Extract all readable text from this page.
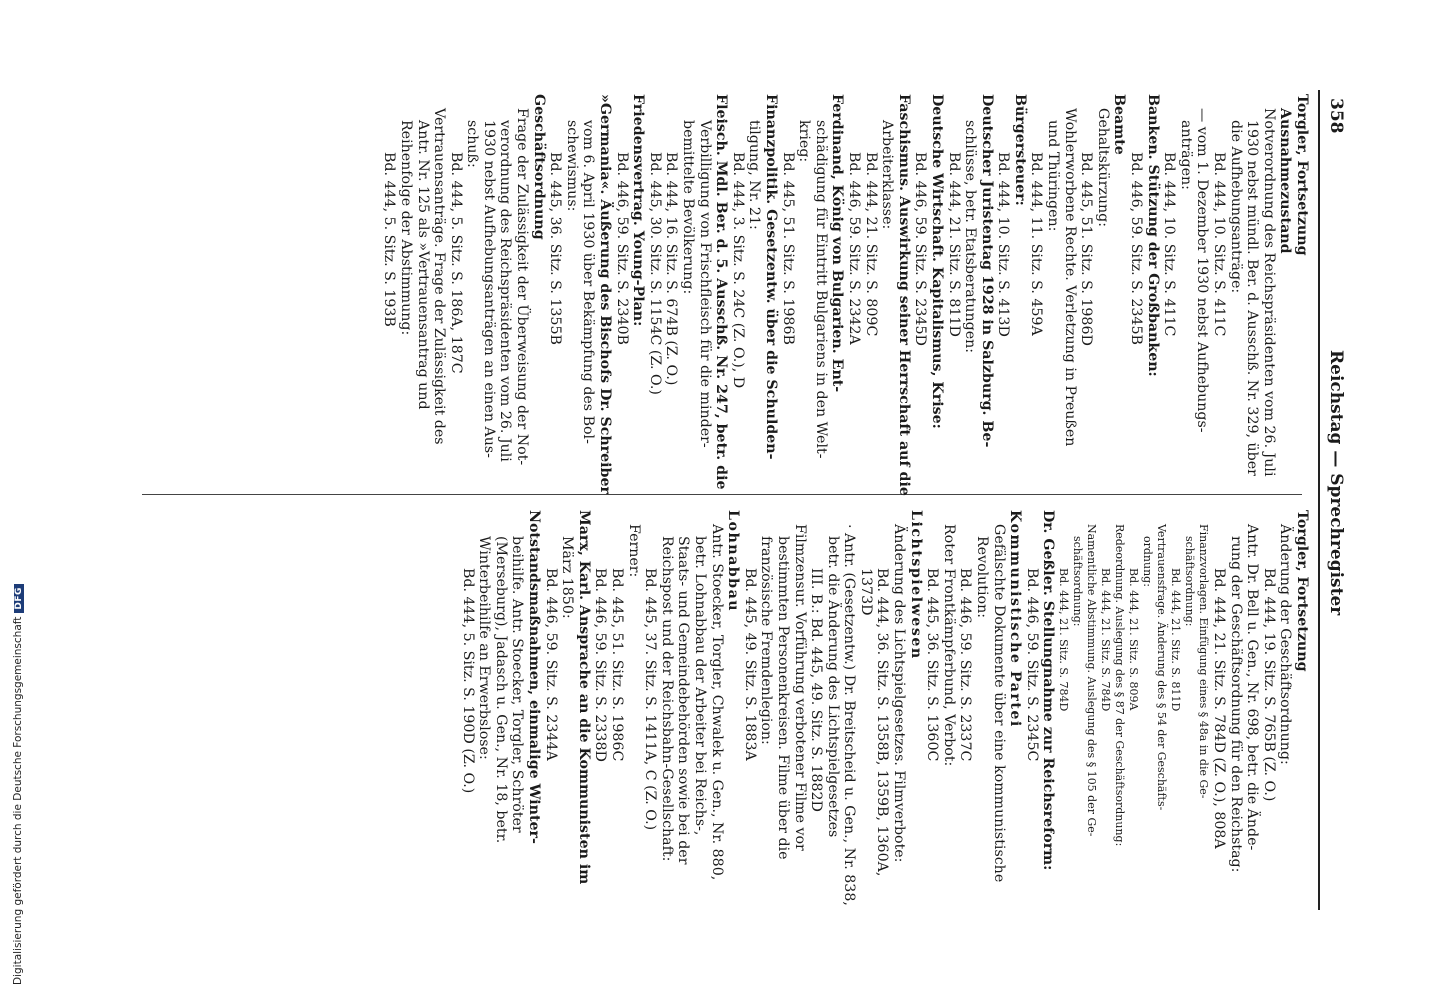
358
Reichstag — Sprechregister
Torgler, Fortsetzung
Ausnahmezustand
Notverordnung des Reichspräsidenten vom 26. Juli
1930 nebst mündl. Ber. d. Ausschß. Nr. 329, über
die Aufhebungsanträge:
Bd. 444, 10. Sitz. S. 411C
— vom 1. Dezember 1930 nebst Aufhebungs-
anträgen:
Bd. 444, 10. Sitz. S. 411C
Banken. Stützung der Großbanken:
Bd. 446, 59. Sitz. S. 2345B
Beamte
Gehaltskürzung:
Bd. 445, 51. Sitz. S. 1986D
Wohlerworbene Rechte. Verletzung in Preußen
und Thüringen:
Bd. 444, 11. Sitz. S. 459A
Bürgersteuer:
Bd. 444, 10. Sitz. S. 413D
Deutscher Juristentag 1928 in Salzburg. Be-
schlüsse, betr. Etatsberatungen:
Bd. 444, 21. Sitz. S. 811D
Deutsche Wirtschaft. Kapitalismus, Krise:
Bd. 446, 59. Sitz. S. 2345D
Faschismus. Auswirkung seiner Herrschaft auf die
Arbeiterklasse:
Bd. 444, 21. Sitz. S. 809C
Bd. 446, 59. Sitz. S. 2342A
Ferdinand, König von Bulgarien. Ent-
schädigung für Eintritt Bulgariens in den Welt-
krieg:
Bd. 445, 51. Sitz. S. 1986B
Finanzpolitik. Gesetzentw. über die Schulden-
tilgung, Nr. 21:
Bd. 444, 3. Sitz. S. 24C (Z. O.), D
Fleisch. Mdl. Ber. d. 5. Ausschß. Nr. 247, betr. die
Verbilligung von Frischfleisch für die minder-
bemittelte Bevölkerung:
Bd. 444, 16. Sitz. S. 674B (Z. O.)
Bd. 445, 30. Sitz. S. 1154C (Z. O.)
Friedensvertrag. Young-Plan:
Bd. 446, 59. Sitz. S. 2340B
»Germania«. Äußerung des Bischofs Dr. Schreiber
vom 6. April 1930 über Bekämpfung des Bol-
schewismus:
Bd. 445, 36. Sitz. S. 1355B
Geschäftsordnung
Frage der Zulässigkeit der Überweisung der Not-
verordnung des Reichspräsidenten vom 26. Juli
1930 nebst Aufhebungsanträgen an einen Aus-
schuß:
Bd. 444, 5. Sitz. S. 186A, 187C
Vertrauensanträge. Frage der Zulässigkeit des
Antr. Nr. 125 als »Vertrauensantrag und
Reihenfolge der Abstimmung:
Bd. 444, 5. Sitz. S. 193B
Torgler, Fortsetzung
Änderung der Geschäftsordnung:
Bd. 444, 19. Sitz. S. 765B (Z. O.)
Antr. Dr. Bell u. Gen., Nr. 698, betr. die Ände-
rung der Geschäftsordnung für den Reichstag:
Bd. 444, 21. Sitz. S. 784D (Z. O.), 808A
Finanzvorlagen. Einfügung eines § 48a in die Ge-
schäftsordnung:
Bd. 444, 21. Sitz. S. 811D
Vertrauensfrage. Änderung des § 54 der Geschäfts-
ordnung:
Bd. 444, 21. Sitz. S. 809A
Redeordnung. Auslegung des § 87 der Geschäftsordnung:
Bd. 444, 21. Sitz. S. 784D
Namentliche Abstimmung. Auslegung des § 105 der Ge-
schäftsordnung:
Bd. 444, 21. Sitz. S. 784D
Dr. Geßler. Stellungnahme zur Reichsreform:
Bd. 446, 59. Sitz. S. 2345C
Kommunistische Partei
Gefälschte Dokumente über eine kommunistische
Revolution:
Bd. 446, 59. Sitz. S. 2337C
Roter Frontkämpferbund, Verbot:
Bd. 445, 36. Sitz. S. 1360C
Lichtspielwesen
Änderung des Lichtspielgesetzes. Filmverbote:
Bd. 444, 36. Sitz. S. 1358B, 1359B, 1360A,
1373D
· Antr. (Gesetzentw.) Dr. Breitscheid u. Gen., Nr. 838,
betr. die Änderung des Lichtspielgesetzes
III. B.: Bd. 445, 49. Sitz. S. 1882D
Filmzensur. Vorführung verbotener Filme vor
bestimmten Personenkreisen. Filme über die
französische Fremdenlegion:
Bd. 445, 49. Sitz. S. 1883A
Lohnabbau
Antr. Stoecker, Torgler, Chwalek u. Gen., Nr. 880,
betr. Lohnabbau der Arbeiter bei Reichs-,
Staats- und Gemeindebehörden sowie bei der
Reichspost und der Reichsbahn-Gesellschaft:
Bd. 445, 37. Sitz. S. 1411A, C (Z. O.)
Ferner:
Bd. 445, 51. Sitz. S. 1986C
Bd. 446, 59. Sitz. S. 2338D
Marx, Karl. Ansprache an die Kommunisten im
März 1850:
Bd. 446, 59. Sitz. S. 2344A
Notstandsmaßnahmen, einmalige Winter-
beihilfe. Antr. Stoecker, Torgler, Schröter
(Merseburg), Jadasch u. Gen., Nr. 18, betr.
Winterbeihilfe an Erwerbslose:
Bd. 444, 5. Sitz. S. 190D (Z. O.)
Digitalisierung gefördert durch die Deutsche ForschungsgemeinschaftDFG
